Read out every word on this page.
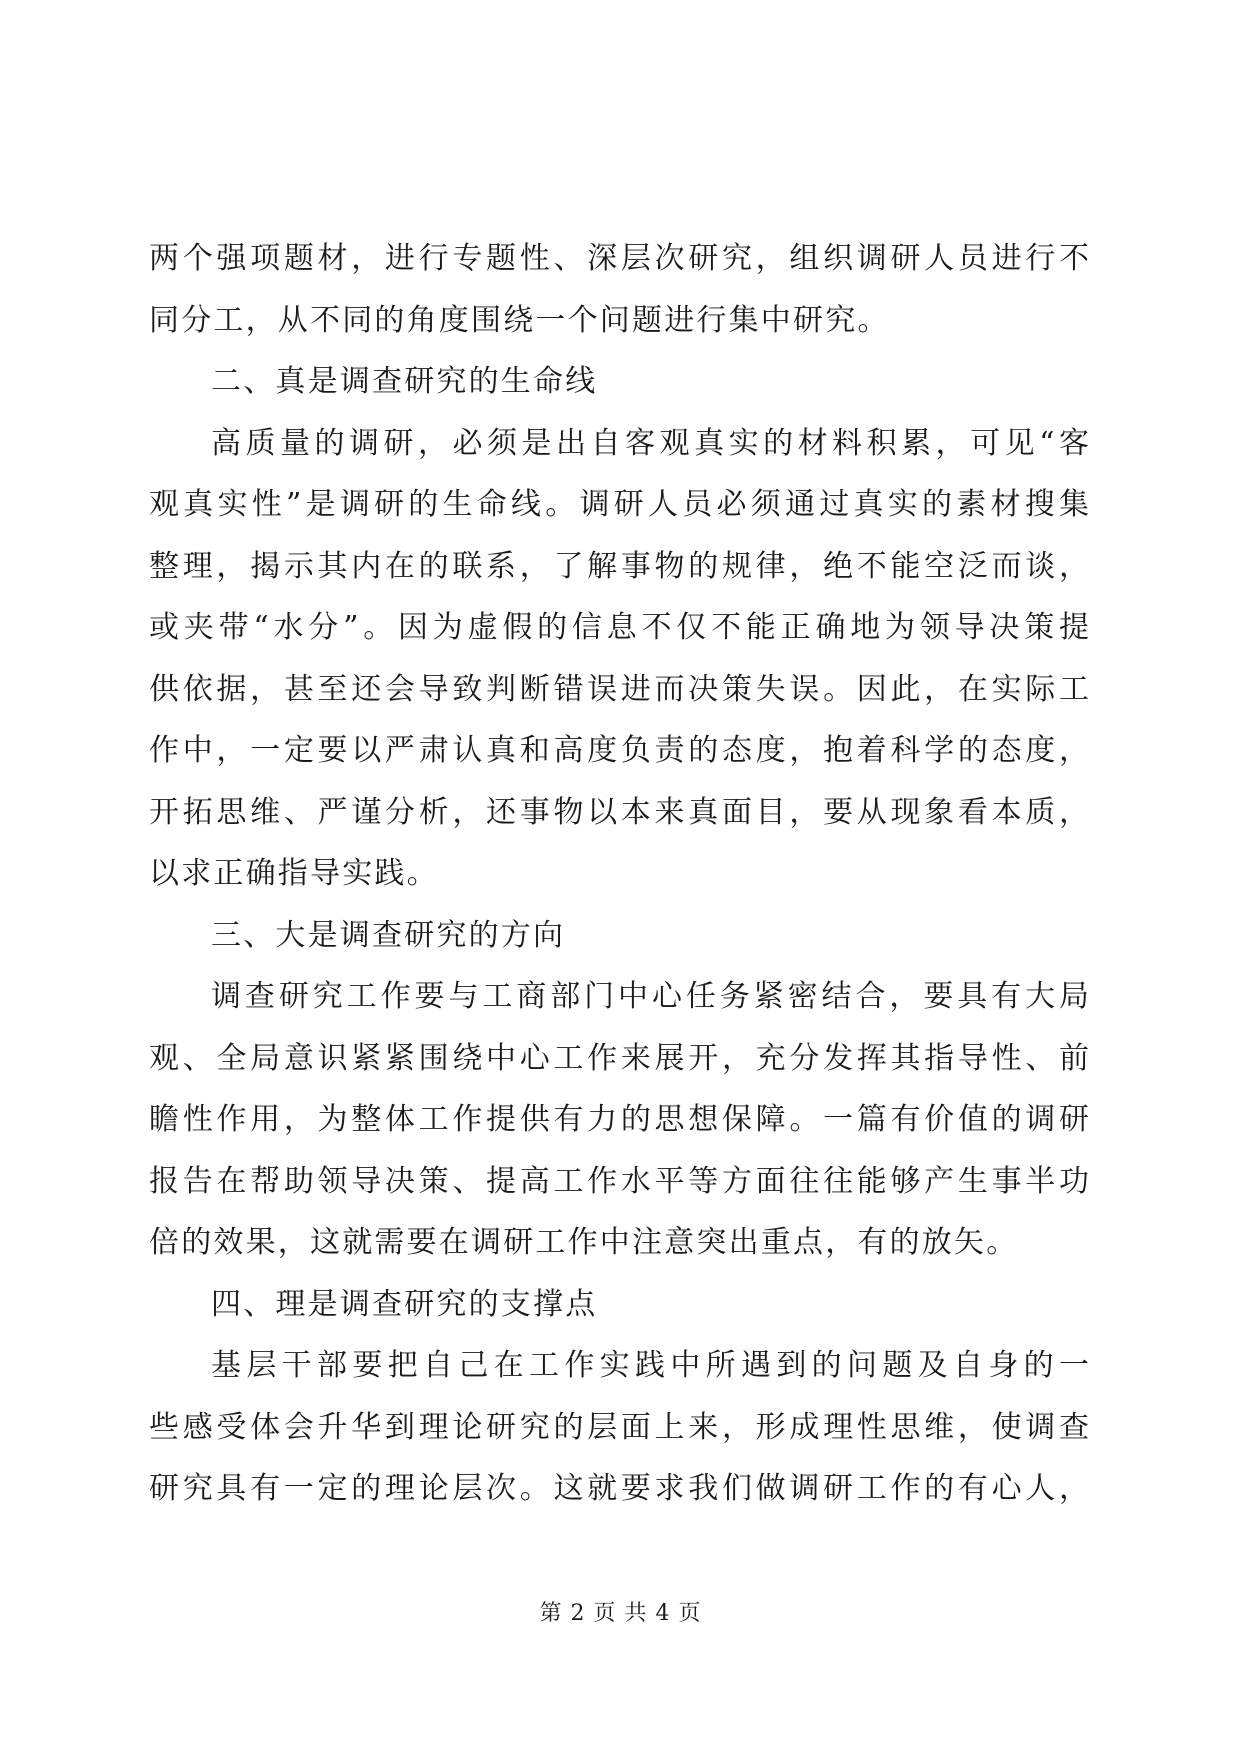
两个强项题材，进行专题性、深层次研究，组织调研人员进行不
同分工，从不同的角度围绕一个问题进行集中研究。
二、真是调查研究的生命线
高质量的调研，必须是出自客观真实的材料积累，可见“客
观真实性”是调研的生命线。调研人员必须通过真实的素材搜集
整理，揭示其内在的联系，了解事物的规律，绝不能空泛而谈，
或夹带“水分”。因为虚假的信息不仅不能正确地为领导决策提
供依据，甚至还会导致判断错误进而决策失误。因此，在实际工
作中，一定要以严肃认真和高度负责的态度，抱着科学的态度，
开拓思维、严谨分析，还事物以本来真面目，要从现象看本质，
以求正确指导实践。
三、大是调查研究的方向
调查研究工作要与工商部门中心任务紧密结合，要具有大局
观、全局意识紧紧围绕中心工作来展开，充分发挥其指导性、前
瞻性作用，为整体工作提供有力的思想保障。一篇有价值的调研
报告在帮助领导决策、提高工作水平等方面往往能够产生事半功
倍的效果，这就需要在调研工作中注意突出重点，有的放矢。
四、理是调查研究的支撑点
基层干部要把自己在工作实践中所遇到的问题及自身的一
些感受体会升华到理论研究的层面上来，形成理性思维，使调查
研究具有一定的理论层次。这就要求我们做调研工作的有心人，
第 2 页 共 4 页
